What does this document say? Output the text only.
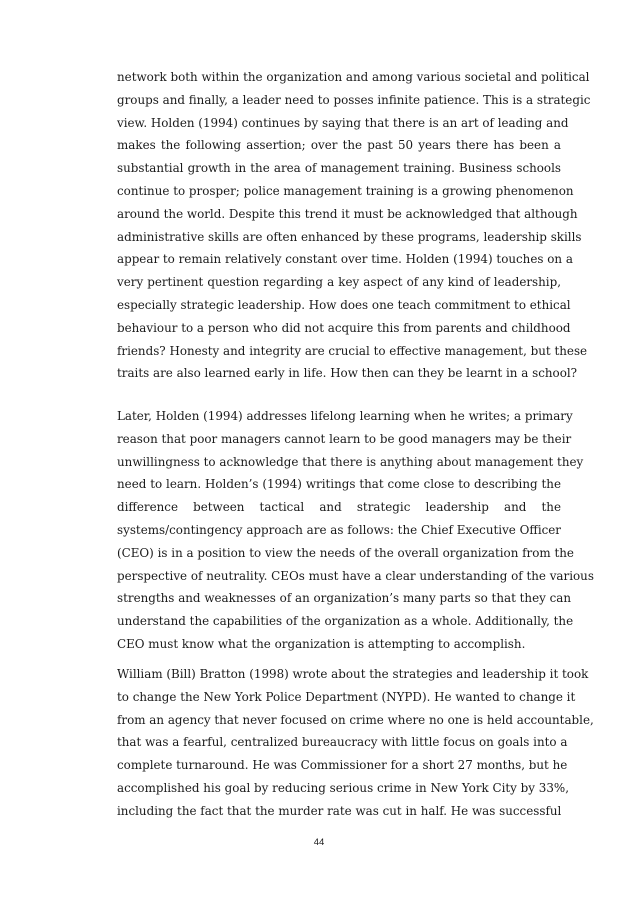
network both within the organization and among various societal and political
groups and finally, a leader need to posses infinite patience. This is a strategic
view. Holden (1994) continues by saying that there is an art of leading and
makes the following assertion; over the past 50 years there has been a
substantial growth in the area of management training. Business schools
continue to prosper; police management training is a growing phenomenon
around the world. Despite this trend it must be acknowledged that although
administrative skills are often enhanced by these programs, leadership skills
appear to remain relatively constant over time. Holden (1994) touches on a
very pertinent question regarding a key aspect of any kind of leadership,
especially strategic leadership. How does one teach commitment to ethical
behaviour to a person who did not acquire this from parents and childhood
friends? Honesty and integrity are crucial to effective management, but these
traits are also learned early in life. How then can they be learnt in a school?
Later, Holden (1994) addresses lifelong learning when he writes; a primary
reason that poor managers cannot learn to be good managers may be their
unwillingness to acknowledge that there is anything about management they
need to learn. Holden’s (1994) writings that come close to describing the
difference between tactical and strategic leadership and the
systems/contingency approach are as follows: the Chief Executive Officer
(CEO) is in a position to view the needs of the overall organization from the
perspective of neutrality. CEOs must have a clear understanding of the various
strengths and weaknesses of an organization’s many parts so that they can
understand the capabilities of the organization as a whole. Additionally, the
CEO must know what the organization is attempting to accomplish.
William (Bill) Bratton (1998) wrote about the strategies and leadership it took
to change the New York Police Department (NYPD). He wanted to change it
from an agency that never focused on crime where no one is held accountable,
that was a fearful, centralized bureaucracy with little focus on goals into a
complete turnaround. He was Commissioner for a short 27 months, but he
accomplished his goal by reducing serious crime in New York City by 33%,
including the fact that the murder rate was cut in half. He was successful
44
